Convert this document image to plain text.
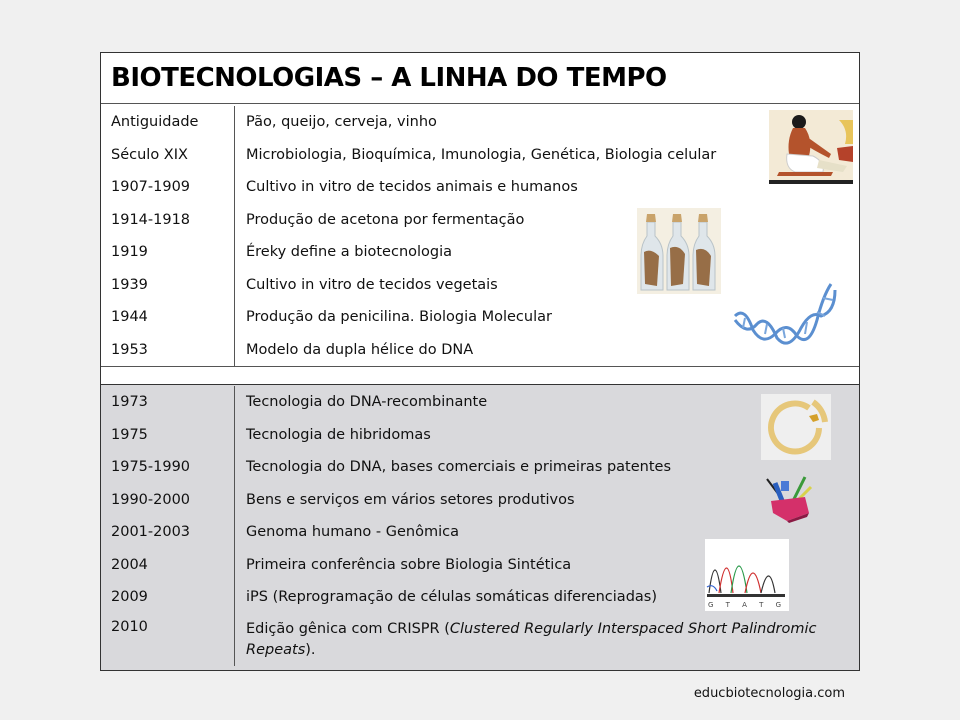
BIOTECNOLOGIAS – A LINHA DO TEMPO
Antiguidade	Pão, queijo, cerveja, vinho
Século XIX	Microbiologia, Bioquímica, Imunologia, Genética, Biologia celular
1907-1909	Cultivo in vitro de tecidos animais e humanos
1914-1918	Produção de acetona por fermentação
1919	Éreky define a biotecnologia
1939	Cultivo in vitro de tecidos vegetais
1944	Produção da penicilina. Biologia Molecular
1953	Modelo da dupla hélice do DNA
1973	Tecnologia do DNA-recombinante
1975	Tecnologia de hibridomas
1975-1990	Tecnologia do DNA, bases comerciais e primeiras patentes
1990-2000	Bens e serviços em vários setores produtivos
2001-2003	Genoma humano - Genômica
2004	Primeira conferência sobre Biologia Sintética
2009	iPS (Reprogramação de células somáticas diferenciadas)
2010	Edição gênica com CRISPR (Clustered Regularly Interspaced Short Palindromic Repeats).
G T A T G
educbiotecnologia.com
